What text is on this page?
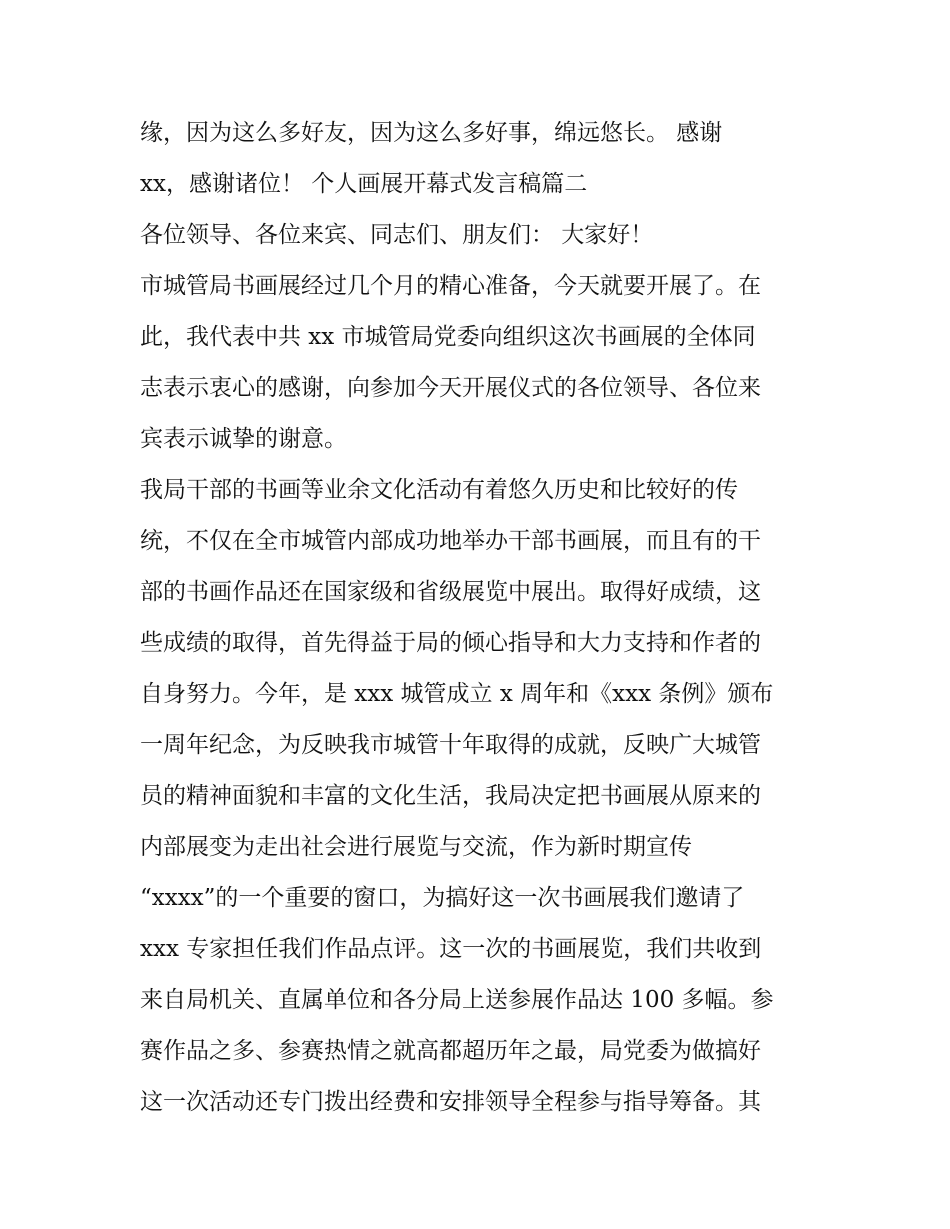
缘，因为这么多好友，因为这么多好事，绵远悠长。 感谢
xx，感谢诸位！ 个人画展开幕式发言稿篇二
各位领导、各位来宾、同志们、朋友们： 大家好！
市城管局书画展经过几个月的精心准备，今天就要开展了。在
此，我代表中共 xx 市城管局党委向组织这次书画展的全体同
志表示衷心的感谢，向参加今天开展仪式的各位领导、各位来
宾表示诚挚的谢意。
我局干部的书画等业余文化活动有着悠久历史和比较好的传
统，不仅在全市城管内部成功地举办干部书画展，而且有的干
部的书画作品还在国家级和省级展览中展出。取得好成绩，这
些成绩的取得，首先得益于局的倾心指导和大力支持和作者的
自身努力。今年，是 xxx 城管成立 x 周年和《xxx 条例》颁布
一周年纪念，为反映我市城管十年取得的成就，反映广大城管
员的精神面貌和丰富的文化生活，我局决定把书画展从原来的
内部展变为走出社会进行展览与交流，作为新时期宣传
“xxxx”的一个重要的窗口，为搞好这一次书画展我们邀请了
xxx 专家担任我们作品点评。这一次的书画展览，我们共收到
来自局机关、直属单位和各分局上送参展作品达 100 多幅。参
赛作品之多、参赛热情之就高都超历年之最，局党委为做搞好
这一次活动还专门拨出经费和安排领导全程参与指导筹备。其
